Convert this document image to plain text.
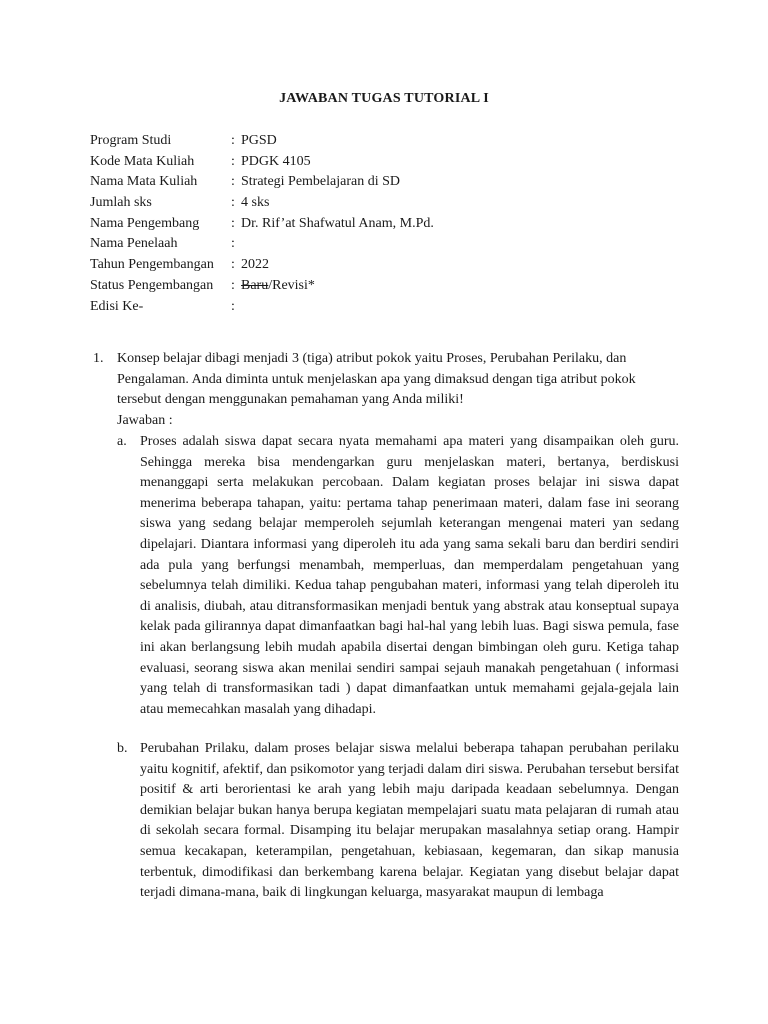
JAWABAN TUGAS TUTORIAL I
Program Studi	: PGSD
Kode Mata Kuliah	: PDGK 4105
Nama Mata Kuliah : Strategi Pembelajaran di SD
Jumlah sks	: 4 sks
Nama Pengembang : Dr. Rif’at Shafwatul Anam, M.Pd.
Nama Penelaah	:
Tahun Pengembangan : 2022
Status Pengembangan : Baru/Revisi*
Edisi Ke-	:
1. Konsep belajar dibagi menjadi 3 (tiga) atribut pokok yaitu Proses, Perubahan Perilaku, dan Pengalaman. Anda diminta untuk menjelaskan apa yang dimaksud dengan tiga atribut pokok tersebut dengan menggunakan pemahaman yang Anda miliki!
Jawaban :
a. Proses adalah siswa dapat secara nyata memahami apa materi yang disampaikan oleh guru. Sehingga mereka bisa mendengarkan guru menjelaskan materi, bertanya, berdiskusi menanggapi serta melakukan percobaan. Dalam kegiatan proses belajar ini siswa dapat menerima beberapa tahapan, yaitu: pertama tahap penerimaan materi, dalam fase ini seorang siswa yang sedang belajar memperoleh sejumlah keterangan mengenai materi yan sedang dipelajari. Diantara informasi yang diperoleh itu ada yang sama sekali baru dan berdiri sendiri ada pula yang berfungsi menambah, memperluas, dan memperdalam pengetahuan yang sebelumnya telah dimiliki. Kedua tahap pengubahan materi, informasi yang telah diperoleh itu di analisis, diubah, atau ditransformasikan menjadi bentuk yang abstrak atau konseptual supaya kelak pada gilirannya dapat dimanfaatkan bagi hal-hal yang lebih luas. Bagi siswa pemula, fase ini akan berlangsung lebih mudah apabila disertai dengan bimbingan oleh guru. Ketiga tahap evaluasi, seorang siswa akan menilai sendiri sampai sejauh manakah pengetahuan ( informasi yang telah di transformasikan tadi ) dapat dimanfaatkan untuk memahami gejala-gejala lain atau memecahkan masalah yang dihadapi.
b. Perubahan Prilaku, dalam proses belajar siswa melalui beberapa tahapan perubahan perilaku yaitu kognitif, afektif, dan psikomotor yang terjadi dalam diri siswa. Perubahan tersebut bersifat positif & arti berorientasi ke arah yang lebih maju daripada keadaan sebelumnya. Dengan demikian belajar bukan hanya berupa kegiatan mempelajari suatu mata pelajaran di rumah atau di sekolah secara formal. Disamping itu belajar merupakan masalahnya setiap orang. Hampir semua kecakapan, keterampilan, pengetahuan, kebiasaan, kegemaran, dan sikap manusia terbentuk, dimodifikasi dan berkembang karena belajar. Kegiatan yang disebut belajar dapat terjadi dimana-mana, baik di lingkungan keluarga, masyarakat maupun di lembaga
